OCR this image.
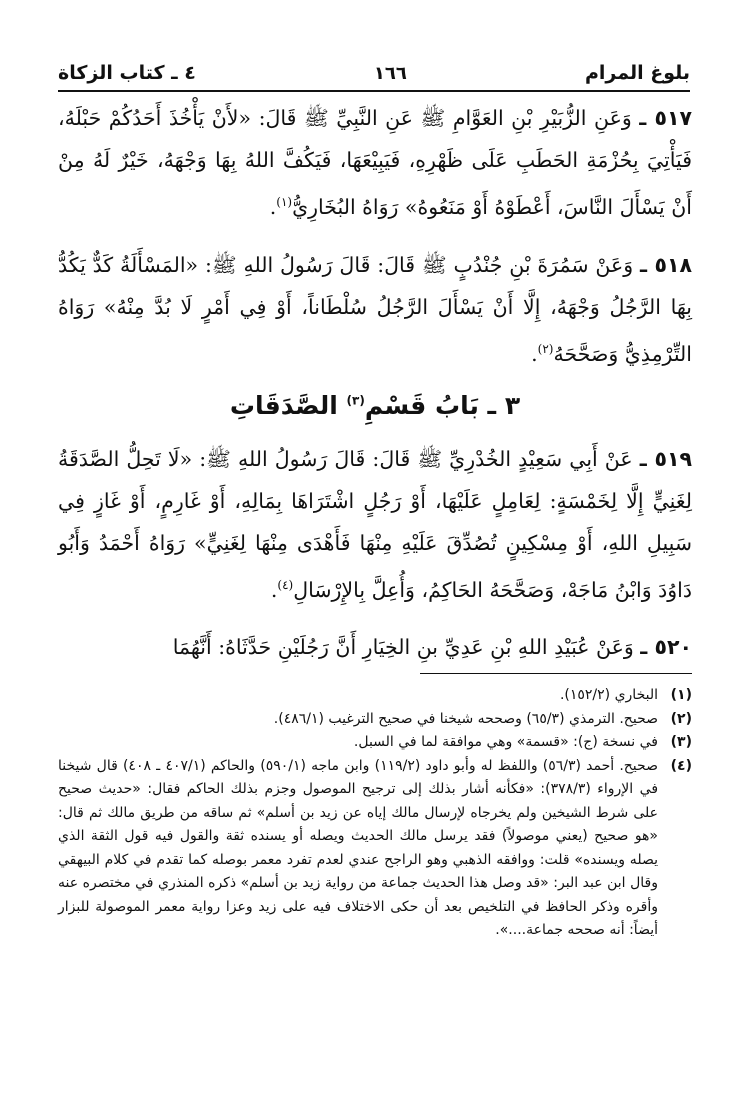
بلوغ المرام
١٦٦
٤ ـ كتاب الزكاة

٥١٧ ـ وَعَنِ الزُّبَيْرِ بْنِ العَوَّامِ ﷺ عَنِ النَّبِيِّ ﷺ قَالَ: «لأَنْ يَأْخُذَ أَحَدُكُمْ حَبْلَهُ، فَيَأْتِيَ بِحُزْمَةِ الحَطَبِ عَلَى ظَهْرِهِ، فَيَبِيْعَهَا، فَيَكُفَّ اللهُ بِهَا وَجْهَهُ، خَيْرٌ لَهُ مِنْ أَنْ يَسْأَلَ النَّاسَ، أَعْطَوْهُ أَوْ مَنَعُوهُ» رَوَاهُ البُخَارِيُّ$^{(١)}$.

٥١٨ ـ وَعَنْ سَمُرَةَ بْنِ جُنْدُبٍ ﷺ قَالَ: قَالَ رَسُولُ اللهِ ﷺ: «المَسْأَلَةُ كَدٌّ يَكُدُّ بِهَا الرَّجُلُ وَجْهَهُ، إِلَّا أَنْ يَسْأَلَ الرَّجُلُ سُلْطَاناً، أَوْ فِي أَمْرٍ لَا بُدَّ مِنْهُ» رَوَاهُ التِّرْمِذِيُّ وَصَحَّحَهُ$^{(٢)}$.

٣ ـ بَابُ قَسْمِ$^{(٣)}$ الصَّدَقَاتِ

٥١٩ ـ عَنْ أَبِي سَعِيْدٍ الخُدْرِيِّ ﷺ قَالَ: قَالَ رَسُولُ اللهِ ﷺ: «لَا تَحِلُّ الصَّدَقَةُ لِغَنِيٍّ إِلَّا لِخَمْسَةٍ: لِعَامِلٍ عَلَيْهَا، أَوْ رَجُلٍ اشْتَرَاهَا بِمَالِهِ، أَوْ غَارِمٍ، أَوْ غَازٍ فِي سَبِيلِ اللهِ، أَوْ مِسْكِينٍ تُصُدِّقَ عَلَيْهِ مِنْهَا فَأَهْدَى مِنْهَا لِغَنِيٍّ» رَوَاهُ أَحْمَدُ وَأَبُو دَاوُدَ وَابْنُ مَاجَهْ، وَصَحَّحَهُ الحَاكِمُ، وَأُعِلَّ بِالإِرْسَالِ$^{(٤)}$.

٥٢٠ ـ وَعَنْ عُبَيْدِ اللهِ بْنِ عَدِيِّ بنِ الخِيَارِ أَنَّ رَجُلَيْنِ حَدَّثَاهُ: أَنَّهُمَا

(١)
البخاري (١٥٢/٢).
(٢)
صحيح. الترمذي (٦٥/٣) وصححه شيخنا في صحيح الترغيب (٤٨٦/١).
(٣)
في نسخة (ج): «قسمة» وهي موافقة لما في السبل.
(٤)
صحيح. أحمد (٥٦/٣) واللفظ له وأبو داود (١١٩/٢) وابن ماجه (٥٩٠/١) والحاكم (٤٠٧/١ ـ ٤٠٨) قال شيخنا في الإرواء (٣٧٨/٣): «فكأنه أشار بذلك إلى ترجيح الموصول وجزم بذلك الحاكم فقال: «حديث صحيح على شرط الشيخين ولم يخرجاه لإرسال مالك إياه عن زيد بن أسلم» ثم ساقه من طريق مالك ثم قال: «هو صحيح (يعني موصولاً) فقد يرسل مالك الحديث ويصله أو يسنده ثقة والقول فيه قول الثقة الذي يصله ويسنده» قلت: ووافقه الذهبي وهو الراجح عندي لعدم تفرد معمر بوصله كما تقدم في كلام البيهقي وقال ابن عبد البر: «قد وصل هذا الحديث جماعة من رواية زيد بن أسلم» ذكره المنذري في مختصره عنه وأقره وذكر الحافظ في التلخيص بعد أن حكى الاختلاف فيه على زيد وعزا رواية معمر الموصولة للبزار أيضاً: أنه صححه جماعة....».
